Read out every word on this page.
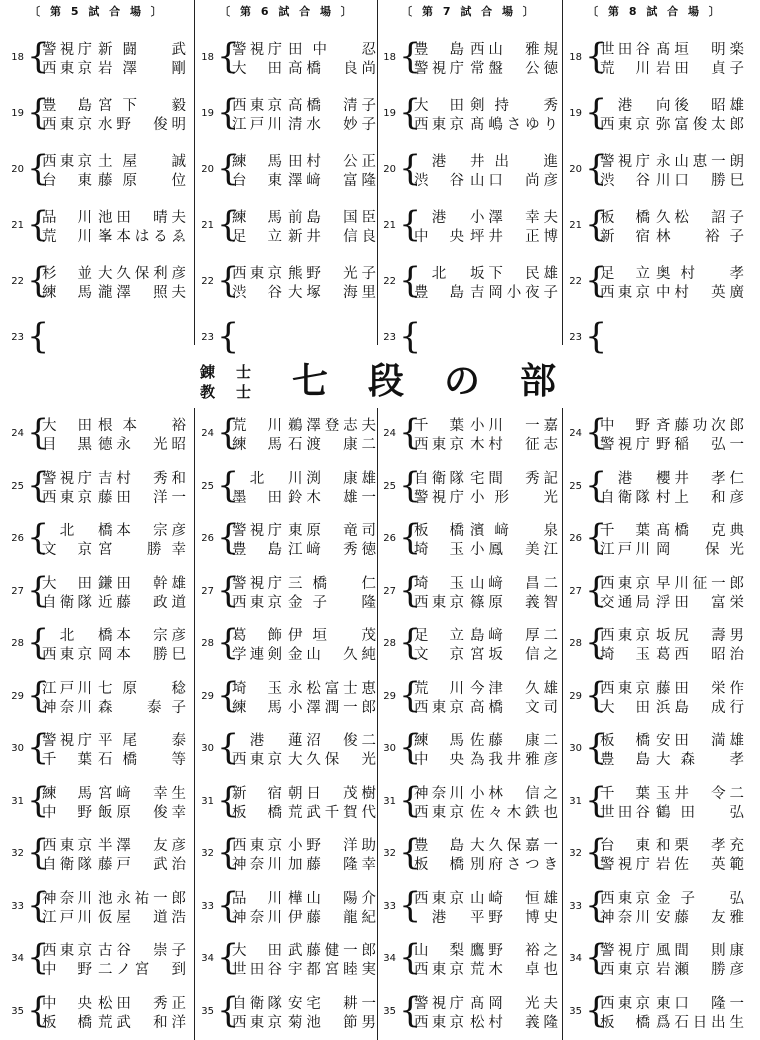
〔 第 5 試 合 場 〕
18 {
警視庁 新闘　武
西東京 岩澤　剛
19 {
豊　島 宮下　毅
西東京 水野　俊明
20 {
西東京 土屋　誠
台　東 藤原　位
21 {
品　川 池田　晴夫
荒　川 峯本はるゑ
22 {
杉　並 大久保利彦
練　馬 瀧澤　照夫
23 {
〔 第 6 試 合 場 〕
18 {
警視庁 田中　忍
大　田 高橋　良尚
19 {
西東京 高橋　清子
江戸川 清水　妙子
20 {
練　馬 田村　公正
台　東 澤﨑　富隆
21 {
練　馬 前島　国臣
足　立 新井　信良
22 {
西東京 熊野　光子
渋　谷 大塚　海里
23 {
〔 第 7 試 合 場 〕
18 {
豊　島 西山　雅規
警視庁 常盤　公徳
19 {
大　田 剣持　秀
西東京 髙嶋さゆり
20 { 港	井出　進
渋　谷 山口　尚彦
21 { 港	小澤　幸夫
中　央 坪井　正博
22 { 北	坂下　民雄
豊　島 吉岡小夜子
23 {
〔 第 8 試 合 場 〕
18 {
世田谷 髙垣　明楽
荒　川 岩田　貞子
19 { 港	向後　昭雄
西東京 弥富俊太郎
20 {
警視庁 永山恵一朗
渋　谷 川口　勝巳
21 {
板　橋 久松　詔子
新　宿 林　裕子
22 {
足　立 奥村　孝
西東京 中村　英廣
23 {
錬 士
教 士 七段の部
24 {
大　田 根本　裕
目　黒 德永　光昭
25 {
警視庁 吉村　秀和
西東京 藤田　洋一
26 { 北	橋本　宗彦
文　京 宮　勝幸
27 {
大　田 鎌田　幹雄
自衛隊 近藤　政道
28 { 北	橋本　宗彦
西東京 岡本　勝巳
29 {
江戸川 七原　稔
神奈川 森　泰子
30 {
警視庁 平尾　泰
千　葉 石橋　等
31 {
練　馬 宮﨑　幸生
中　野 飯原　俊幸
32 {
西東京 半澤　友彦
自衛隊 藤戸　武治
33 {
神奈川 池永祐一郎
江戸川 仮屋　道浩
34 {
西東京 古谷　崇子
中　野 二ノ宮　到
35 {
中　央 松田　秀正
板　橋 荒武　和洋
24 {
荒　川 鵜澤登志夫
練　馬 石渡　康二
25 { 北	川渕　康雄
墨　田 鈴木　雄一
26 {
警視庁 東原　竜司
豊　島 江﨑　秀徳
27 {
警視庁 三橋　仁
西東京 金子　隆
28 {
葛　飾 伊垣　茂
学連剣 金山　久純
29 {
埼　玉 永松富士恵
練　馬 小澤潤一郎
30 { 港	蓮沼　俊二
西東京 大久保　光
31 {
新　宿 朝日　茂樹
板　橋 荒武千賀代
32 {
西東京 小野　洋助
神奈川 加藤　隆幸
33 {
品　川 樺山　陽介
神奈川 伊藤　龍紀
34 {
大　田 武藤健一郎
世田谷 宇都宮睦実
35 {
自衛隊 安宅　耕一
西東京 菊池　節男
24 {
千　葉 小川　一嘉
西東京 木村　征志
25 {
自衛隊 宅間　秀記
警視庁 小形　光
26 {
板　橋 濱﨑　泉
埼　玉 小鳳　美江
27 {
埼　玉 山﨑　昌二
西東京 篠原　義智
28 {
足　立 島﨑　厚二
文　京 宮坂　信之
29 {
荒　川 今津　久雄
西東京 高橋　文司
30 {
練　馬 佐藤　康二
中　央 為我井雅彦
31 {
神奈川 小林　信之
西東京 佐々木鉄也
32 {
豊　島 大久保嘉一
板　橋 別府さつき
33 {
西東京 山崎　恒雄
港	平野　博史
34 {
山　梨 鷹野　裕之
西東京 荒木　卓也
35 {
警視庁 髙岡　光夫
西東京 松村　義隆
24 {
中　野 斉藤功次郎
警視庁 野稲　弘一
25 { 港	櫻井　孝仁
自衛隊 村上　和彦
26 {
千　葉 髙橋　克典
江戸川 岡　保光
27 {
西東京 早川征一郎
交通局 浮田　富栄
28 {
西東京 坂尻　壽男
埼　玉 葛西　昭治
29 {
西東京 藤田　栄作
大　田 浜島　成行
30 {
板　橋 安田　満雄
豊　島 大森　孝
31 {
千　葉 玉井　令二
世田谷 鶴田　弘
32 {
台　東 和栗　孝充
警視庁 岩佐　英範
33 {
西東京 金子　弘
神奈川 安藤　友雅
34 {
警視庁 風間　則康
西東京 岩瀬　勝彦
35 {
西東京 東口　隆一
板　橋 爲石日出生
